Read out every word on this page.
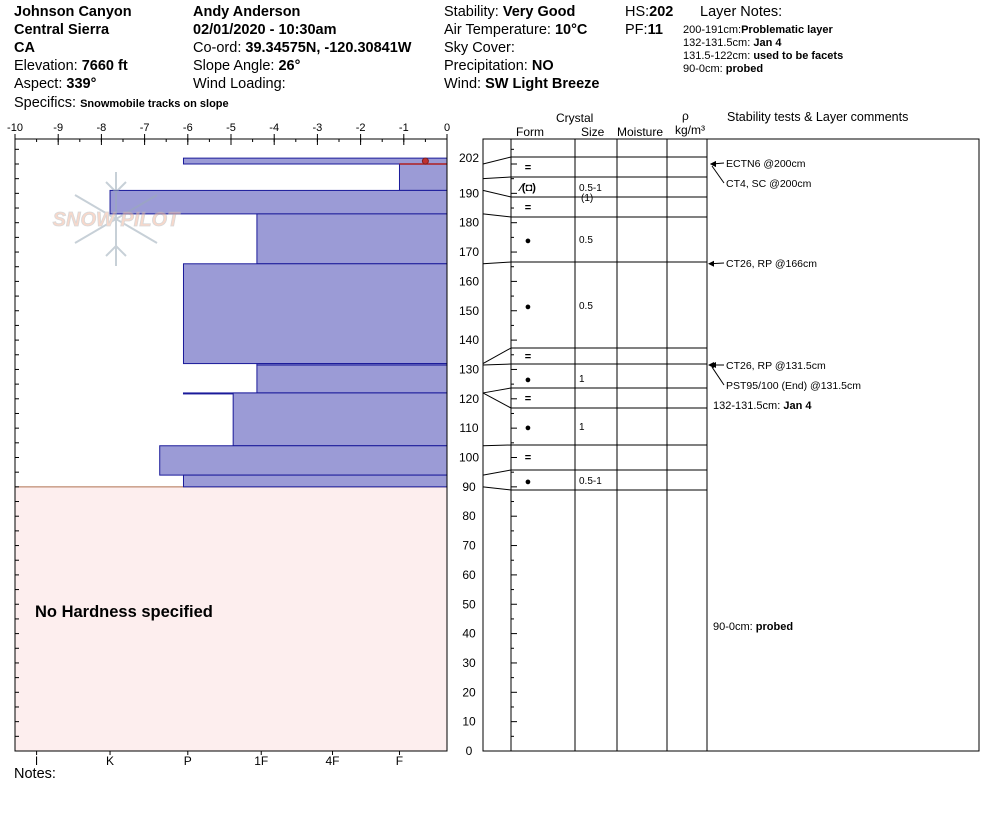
Johnson Canyon
Central Sierra
CA
Elevation: 7660 ft
Aspect: 339°
Specifics: Snowmobile tracks on slope
Andy Anderson
02/01/2020 - 10:30am
Co-ord: 39.34575N, -120.30841W
Slope Angle: 26°
Wind Loading:
Stability: Very Good
Air Temperature: 10°C
Sky Cover:
Precipitation: NO
Wind: SW Light Breeze
HS:202
PF:11
Layer Notes:
200-191cm:Problematic layer
132-131.5cm: Jan 4
131.5-122cm: used to be facets
90-0cm: probed
Crystal
Form	Size Moisture
ρ
kg/m³
Stability tests & Layer comments
SNOW PILOT
-10	-9	-8	-7	-6	-5	-4	-3	-2	-1	0
I	K	P	1F	4F	F
0
10
20
30
40
50
60
70
80
90
100
110
120
130
140
150
160
170
180
190
202
=
⁄(◘)	0.5-1
(1)
=
●	0.5
●	0.5
=
●	1
=
●	1
=
●	0.5-1
ECTN6 @200cm
CT4, SC @200cm
CT26, RP @166cm
CT26, RP @131.5cm
PST95/100 (End) @131.5cm
132-131.5cm: Jan 4
90-0cm: probed
No Hardness specified
Notes:
